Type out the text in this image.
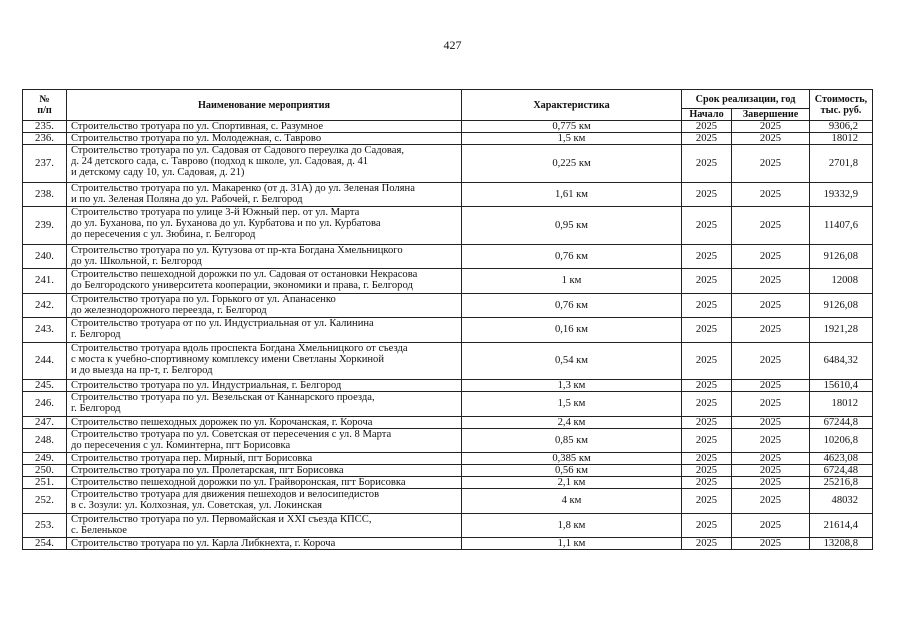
427
№
п/п	Наименование мероприятия	Характеристика	Срок реализации, год		Стоимость,
тыс. руб.
			Начало	Завершение	
235.	Строительство тротуара по ул. Спортивная, с. Разумное	0,775 км	2025	2025	9306,2
236.	Строительство тротуара по ул. Молодежная, с. Таврово	1,5 км	2025	2025	18012
237.	Строительство тротуара по ул. Садовая от Садового переулка до Садовая,
д. 24 детского сада, с. Таврово (подход к школе, ул. Садовая, д. 41
и детскому саду 10, ул. Садовая, д. 21)	0,225 км	2025	2025	2701,8
238.	Строительство тротуара по ул. Макаренко (от д. 31А) до ул. Зеленая Поляна
и по ул. Зеленая Поляна до ул. Рабочей, г. Белгород	1,61 км	2025	2025	19332,9
239.	Строительство тротуара по улице 3-й Южный пер. от ул. Марта
до ул. Буханова, по ул. Буханова до ул. Курбатова и по ул. Курбатова
до пересечения с ул. Зюбина, г. Белгород	0,95 км	2025	2025	11407,6
240.	Строительство тротуара по ул. Кутузова от пр-кта Богдана Хмельницкого
до ул. Школьной, г. Белгород	0,76 км	2025	2025	9126,08
241.	Строительство пешеходной дорожки по ул. Садовая от остановки Некрасова
до Белгородского университета кооперации, экономики и права, г. Белгород	1 км	2025	2025	12008
242.	Строительство тротуара по ул. Горького от ул. Апанасенко
до железнодорожного переезда, г. Белгород	0,76 км	2025	2025	9126,08
243.	Строительство тротуара от по ул. Индустриальная от ул. Калинина
г. Белгород	0,16 км	2025	2025	1921,28
244.	Строительство тротуара вдоль проспекта Богдана Хмельницкого от съезда
с моста к учебно-спортивному комплексу имени Светланы Хоркиной
и до выезда на пр-т, г. Белгород	0,54 км	2025	2025	6484,32
245.	Строительство тротуара по ул. Индустриальная, г. Белгород	1,3 км	2025	2025	15610,4
246.	Строительство тротуара по ул. Везельская от Каннарского проезда,
г. Белгород	1,5 км	2025	2025	18012
247.	Строительство пешеходных дорожек по ул. Корочанская, г. Короча	2,4 км	2025	2025	67244,8
248.	Строительство тротуара по ул. Советская от пересечения с ул. 8 Марта
до пересечения с ул. Коминтерна, пгт Борисовка	0,85 км	2025	2025	10206,8
249.	Строительство тротуара пер. Мирный, пгт Борисовка	0,385 км	2025	2025	4623,08
250.	Строительство тротуара по ул. Пролетарская, пгт Борисовка	0,56 км	2025	2025	6724,48
251.	Строительство пешеходной дорожки по ул. Грайворонская, пгт Борисовка	2,1 км	2025	2025	25216,8
252.	Строительство тротуара для движения пешеходов и велосипедистов
в с. Зозули: ул. Колхозная, ул. Советская, ул. Локинская	4 км	2025	2025	48032
253.	Строительство тротуара по ул. Первомайская и XXI съезда КПСС,
с. Беленькое	1,8 км	2025	2025	21614,4
254.	Строительство тротуара по ул. Карла Либкнехта, г. Короча	1,1 км	2025	2025	13208,8
